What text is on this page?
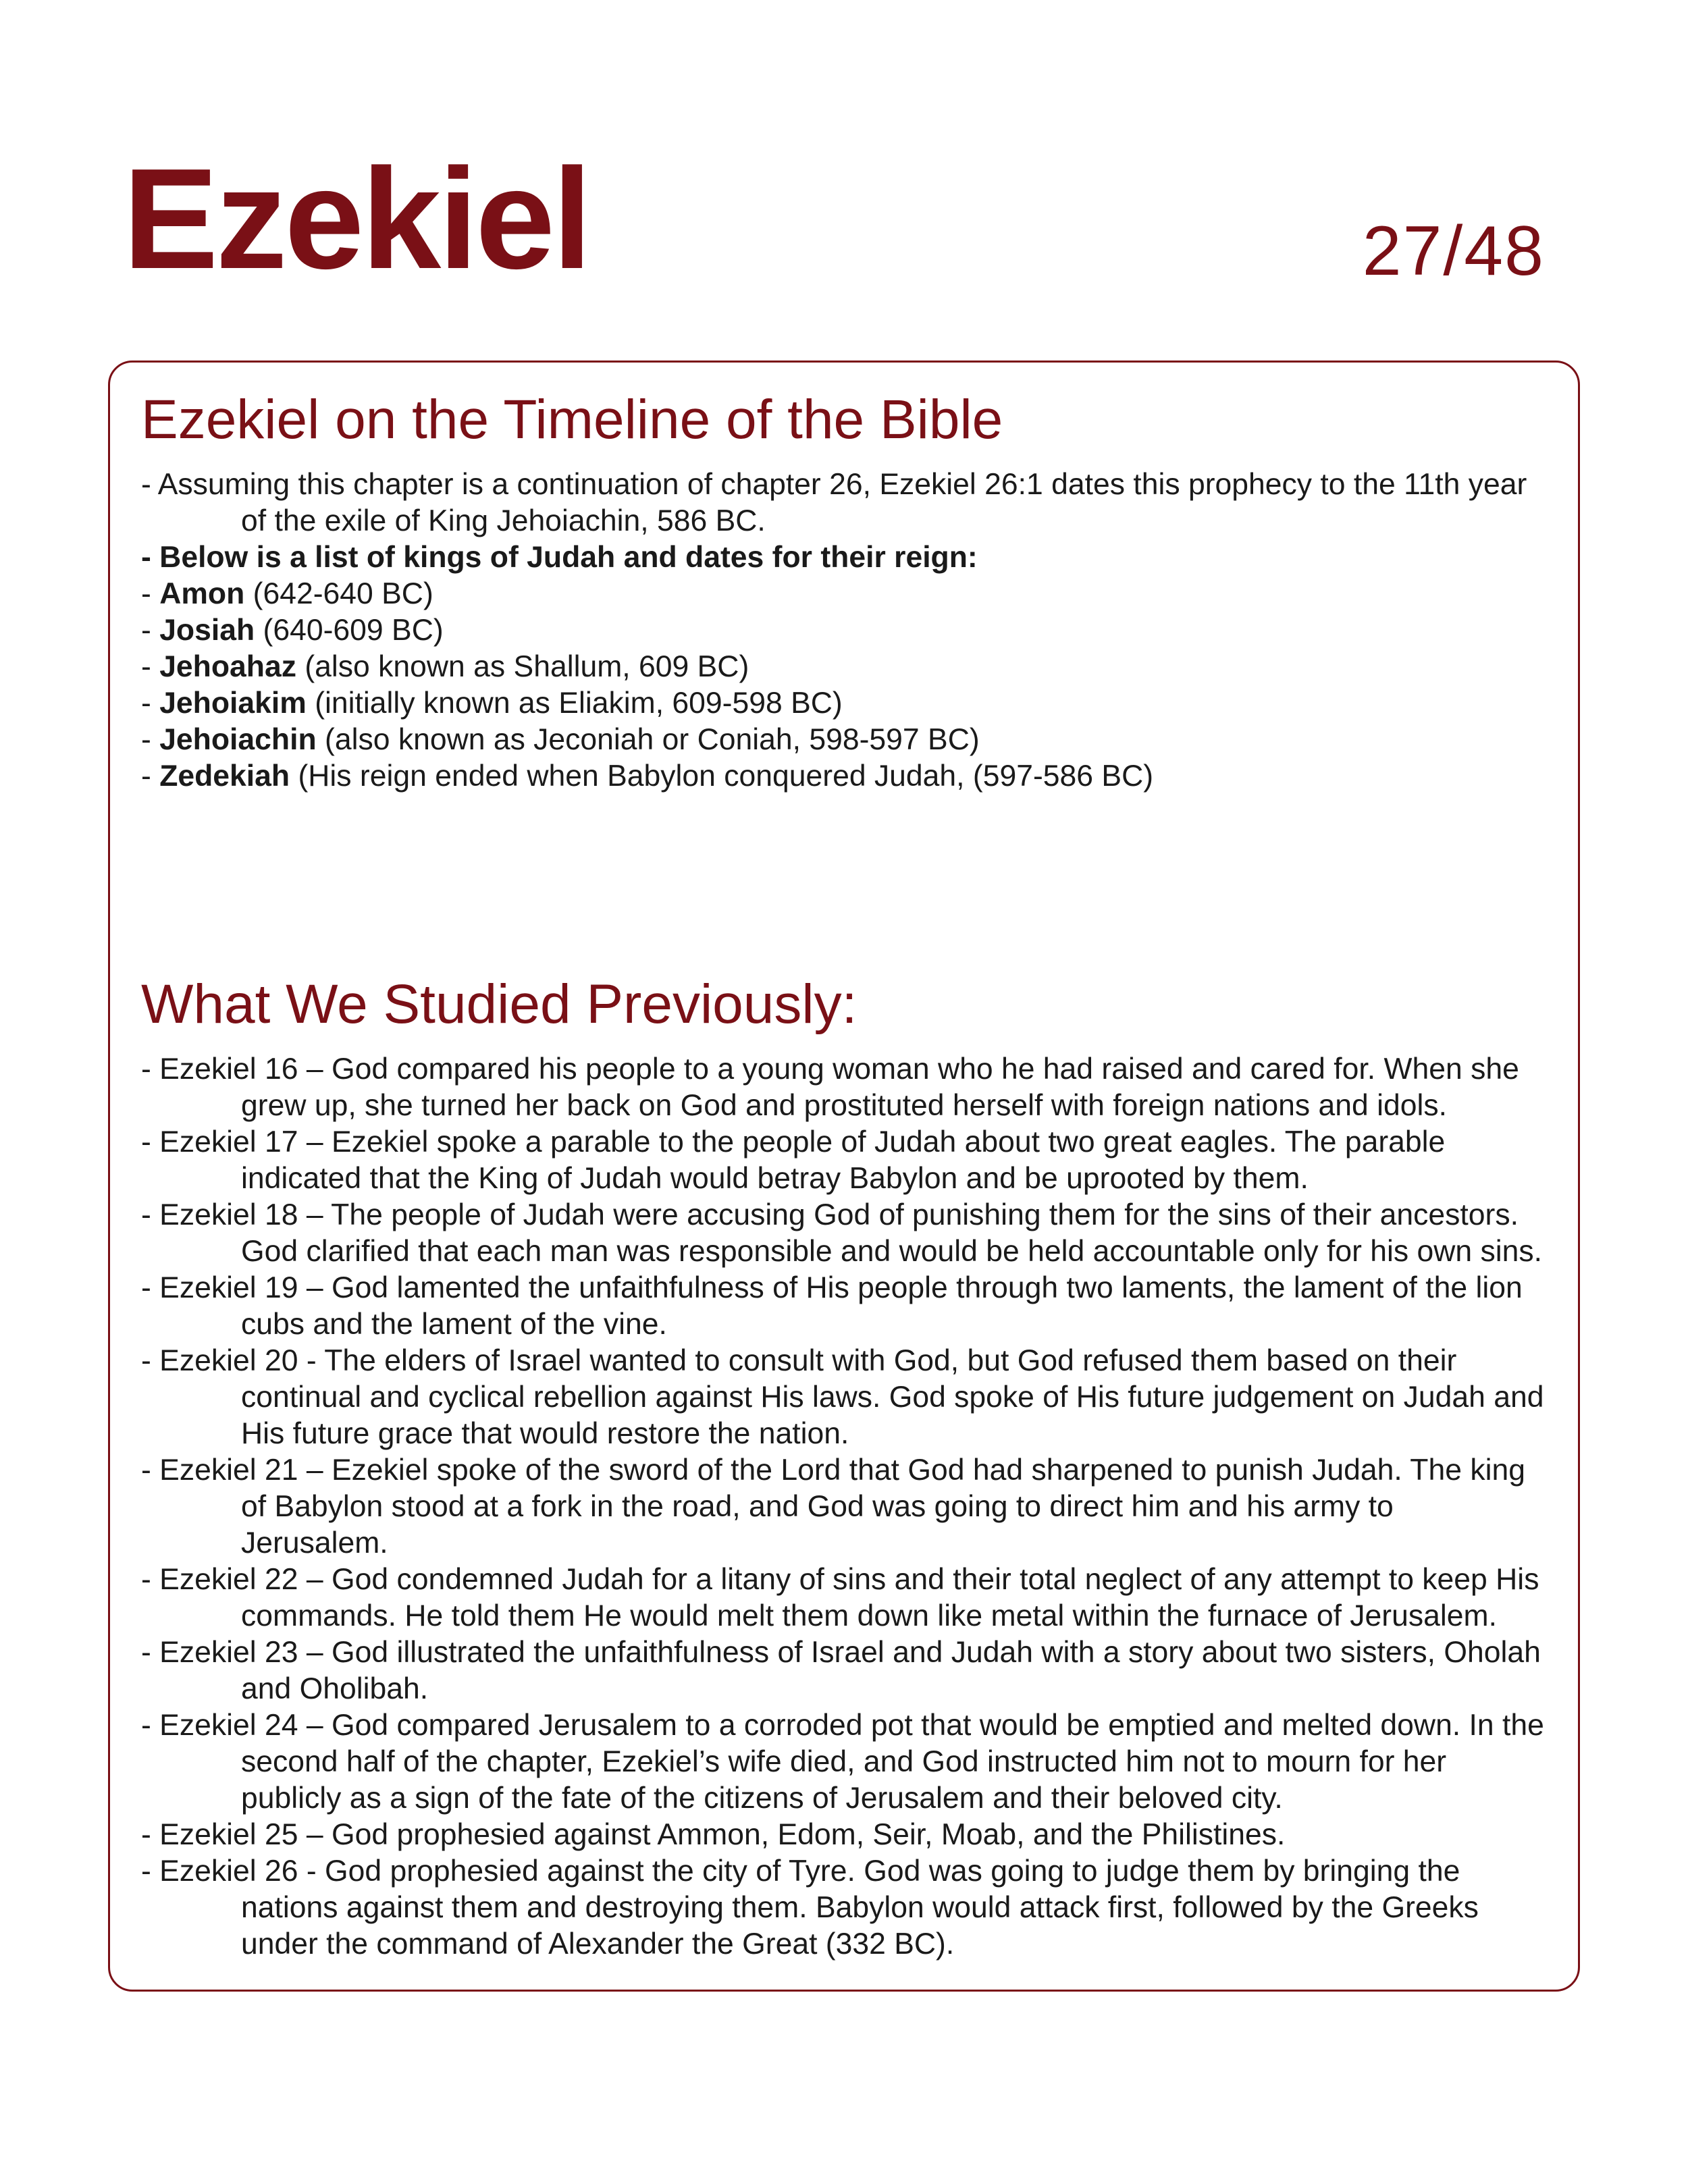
Ezekiel	27/48
Ezekiel on the Timeline of the Bible
- Assuming this chapter is a continuation of chapter 26, Ezekiel 26:1 dates this prophecy to the 11th year of the exile of King Jehoiachin, 586 BC.
- Below is a list of kings of Judah and dates for their reign:
- Amon (642-640 BC)
- Josiah (640-609 BC)
- Jehoahaz (also known as Shallum, 609 BC)
- Jehoiakim (initially known as Eliakim, 609-598 BC)
- Jehoiachin (also known as Jeconiah or Coniah, 598-597 BC)
- Zedekiah (His reign ended when Babylon conquered Judah, (597-586 BC)
What We Studied Previously:
- Ezekiel 16 – God compared his people to a young woman who he had raised and cared for. When she grew up, she turned her back on God and prostituted herself with foreign nations and idols.
- Ezekiel 17 – Ezekiel spoke a parable to the people of Judah about two great eagles. The parable indicated that the King of Judah would betray Babylon and be uprooted by them.
- Ezekiel 18 – The people of Judah were accusing God of punishing them for the sins of their ancestors. God clarified that each man was responsible and would be held accountable only for his own sins.
- Ezekiel 19 – God lamented the unfaithfulness of His people through two laments, the lament of the lion cubs and the lament of the vine.
- Ezekiel 20 - The elders of Israel wanted to consult with God, but God refused them based on their continual and cyclical rebellion against His laws. God spoke of His future judgement on Judah and His future grace that would restore the nation.
- Ezekiel 21 – Ezekiel spoke of the sword of the Lord that God had sharpened to punish Judah. The king of Babylon stood at a fork in the road, and God was going to direct him and his army to Jerusalem.
- Ezekiel 22 – God condemned Judah for a litany of sins and their total neglect of any attempt to keep His commands. He told them He would melt them down like metal within the furnace of Jerusalem.
- Ezekiel 23 – God illustrated the unfaithfulness of Israel and Judah with a story about two sisters, Oholah and Oholibah.
- Ezekiel 24 – God compared Jerusalem to a corroded pot that would be emptied and melted down. In the second half of the chapter, Ezekiel’s wife died, and God instructed him not to mourn for her publicly as a sign of the fate of the citizens of Jerusalem and their beloved city.
- Ezekiel 25 – God prophesied against Ammon, Edom, Seir, Moab, and the Philistines.
- Ezekiel 26 - God prophesied against the city of Tyre. God was going to judge them by bringing the nations against them and destroying them. Babylon would attack first, followed by the Greeks under the command of Alexander the Great (332 BC).
